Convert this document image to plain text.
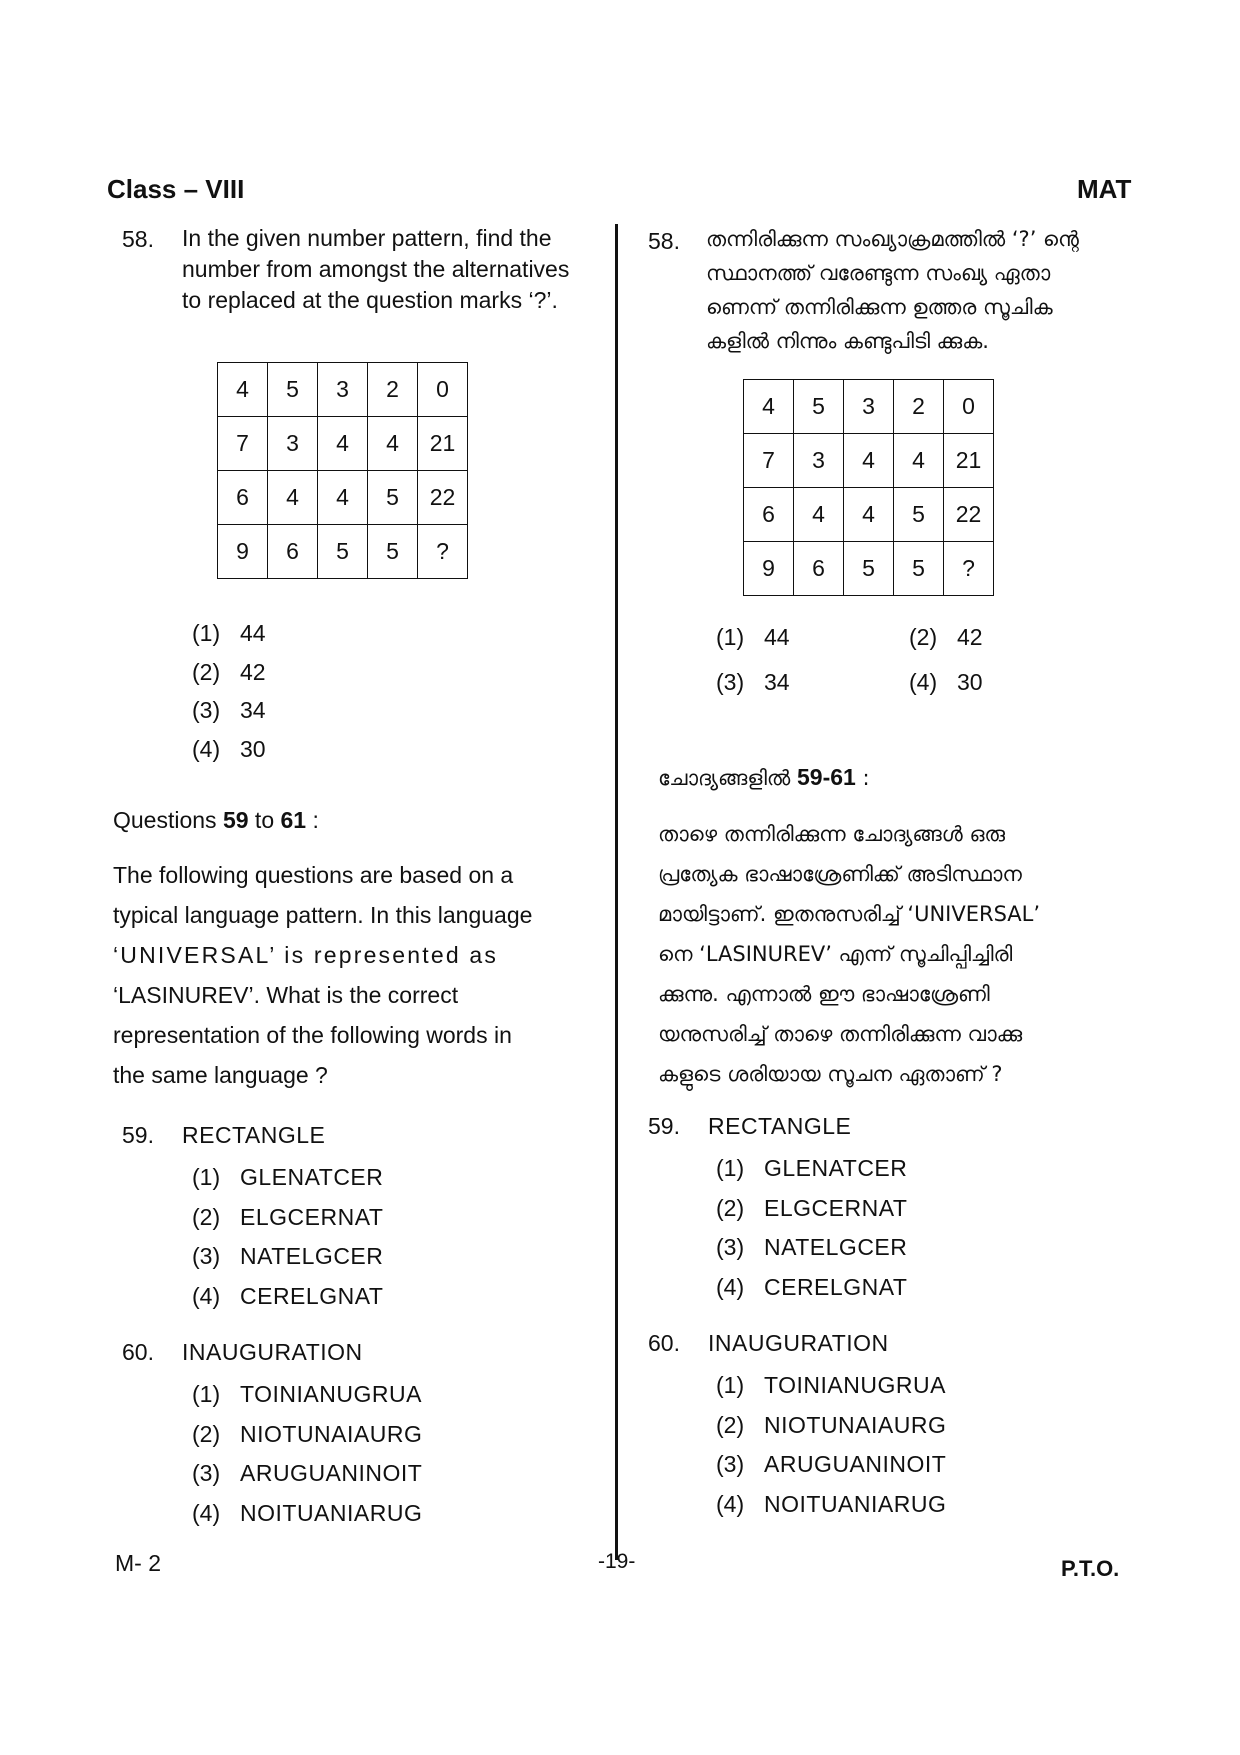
Class – VIII	MAT
58. In the given number pattern, find the
number from amongst the alternatives
to replaced at the question marks ‘?’.
4	5	3	2	0
7	3	4	4	21
6	4	4	5	22
9	6	5	5	?
(1) 44
(2) 42
(3) 34
(4) 30
Questions 59 to 61 :
The following questions are based on a
typical language pattern. In this language
‘UNIVERSAL’ is represented as
‘LASINUREV’. What is the correct
representation of the following words in
the same language ?
59. RECTANGLE
(1) GLENATCER
(2) ELGCERNAT
(3) NATELGCER
(4) CERELGNAT
60. INAUGURATION
(1) TOINIANUGRUA
(2) NIOTUNAIAURG
(3) ARUGUANINOIT
(4) NOITUANIARUG
58. തന്നിരിക്കുന്ന സംഖ്യാക്രമത്തിൽ ‘?’ ന്റെ
സ്ഥാനത്ത് വരേണ്ടുന്ന സംഖ്യ ഏതാ
ണെന്ന് തന്നിരിക്കുന്ന ഉത്തര സൂചിക
കളിൽ നിന്നും കണ്ടുപിടി ക്കുക.
4	5	3	2	0
7	3	4	4	21
6	4	4	5	22
9	6	5	5	?
(1) 44	(2) 42
(3) 34	(4) 30
ചോദ്യങ്ങളിൽ 59-61 :
താഴെ തന്നിരിക്കുന്ന ചോദ്യങ്ങൾ ഒരു
പ്രത്യേക ഭാഷാശ്രേണിക്ക് അടിസ്ഥാന
മായിട്ടാണ്. ഇതനുസരിച്ച് ‘UNIVERSAL’
നെ ‘LASINUREV’ എന്ന് സൂചിപ്പിച്ചിരി
ക്കുന്നു. എന്നാൽ ഈ ഭാഷാശ്രേണി
യനുസരിച്ച് താഴെ തന്നിരിക്കുന്ന വാക്കു
കളുടെ ശരിയായ സൂചന ഏതാണ് ?
59. RECTANGLE
(1) GLENATCER
(2) ELGCERNAT
(3) NATELGCER
(4) CERELGNAT
60. INAUGURATION
(1) TOINIANUGRUA
(2) NIOTUNAIAURG
(3) ARUGUANINOIT
(4) NOITUANIARUG
M- 2	-19-	P.T.O.
